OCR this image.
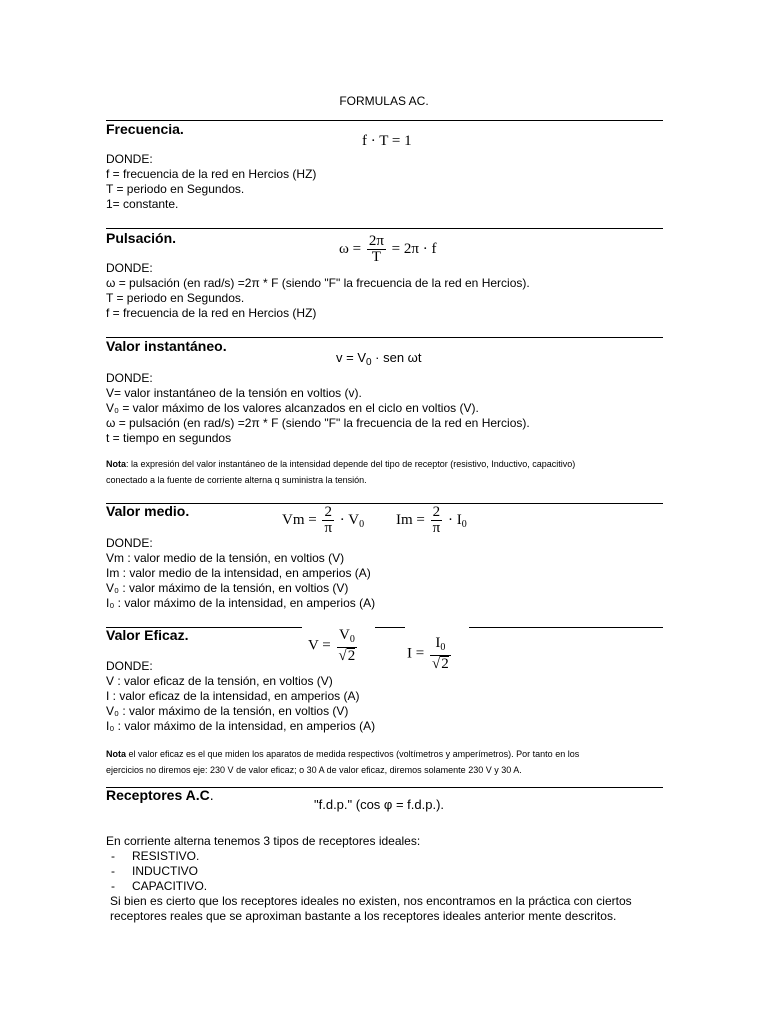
FORMULAS AC.
Frecuencia.
f · T = 1
DONDE:
f = frecuencia de la red en Hercios (HZ)
T = periodo en Segundos.
1= constante.
Pulsación.
$\omega = \frac{2\pi}{T} = 2\pi \cdot f$
DONDE:
ω = pulsación (en rad/s) =2π * F (siendo "F" la frecuencia de la red en Hercios).
T = periodo en Segundos.
f = frecuencia de la red en Hercios (HZ)
Valor instantáneo.
$v = V_0$ · sen ωt
DONDE:
V= valor instantáneo de la tensión en voltios (v).
V₀ = valor máximo de los valores alcanzados en el ciclo en voltios (V).
ω = pulsación (en rad/s) =2π * F (siendo "F" la frecuencia de la red en Hercios).
t = tiempo en segundos
Nota: la expresión del valor instantáneo de la intensidad depende del tipo de receptor (resistivo, Inductivo, capacitivo)
conectado a la fuente de corriente alterna q suministra la tensión.
Valor medio.
$Vm = \frac{2}{\pi} \cdot V_0$ $Im = \frac{2}{\pi} \cdot I_0$
DONDE:
Vm : valor medio de la tensión, en voltios (V)
Im : valor medio de la intensidad, en amperios (A)
V₀ : valor máximo de la tensión, en voltios (V)
I₀ : valor máximo de la intensidad, en amperios (A)
Valor Eficaz.
$V = \frac{V_0}{√2}$	$I = \frac{I_0}{√2}$
DONDE:
V : valor eficaz de la tensión, en voltios (V)
I : valor eficaz de la intensidad, en amperios (A)
V₀ : valor máximo de la tensión, en voltios (V)
I₀ : valor máximo de la intensidad, en amperios (A)
Nota el valor eficaz es el que miden los aparatos de medida respectivos (voltímetros y amperímetros). Por tanto en los
ejercicios no diremos eje: 230 V de valor eficaz; o 30 A de valor eficaz, diremos solamente 230 V y 30 A.
Receptores A.C.
"f.d.p." (cos φ = f.d.p.).
En corriente alterna tenemos 3 tipos de receptores ideales:
- RESISTIVO.
- INDUCTIVO
- CAPACITIVO.
Si bien es cierto que los receptores ideales no existen, nos encontramos en la práctica con ciertos
receptores reales que se aproximan bastante a los receptores ideales anterior mente descritos.
